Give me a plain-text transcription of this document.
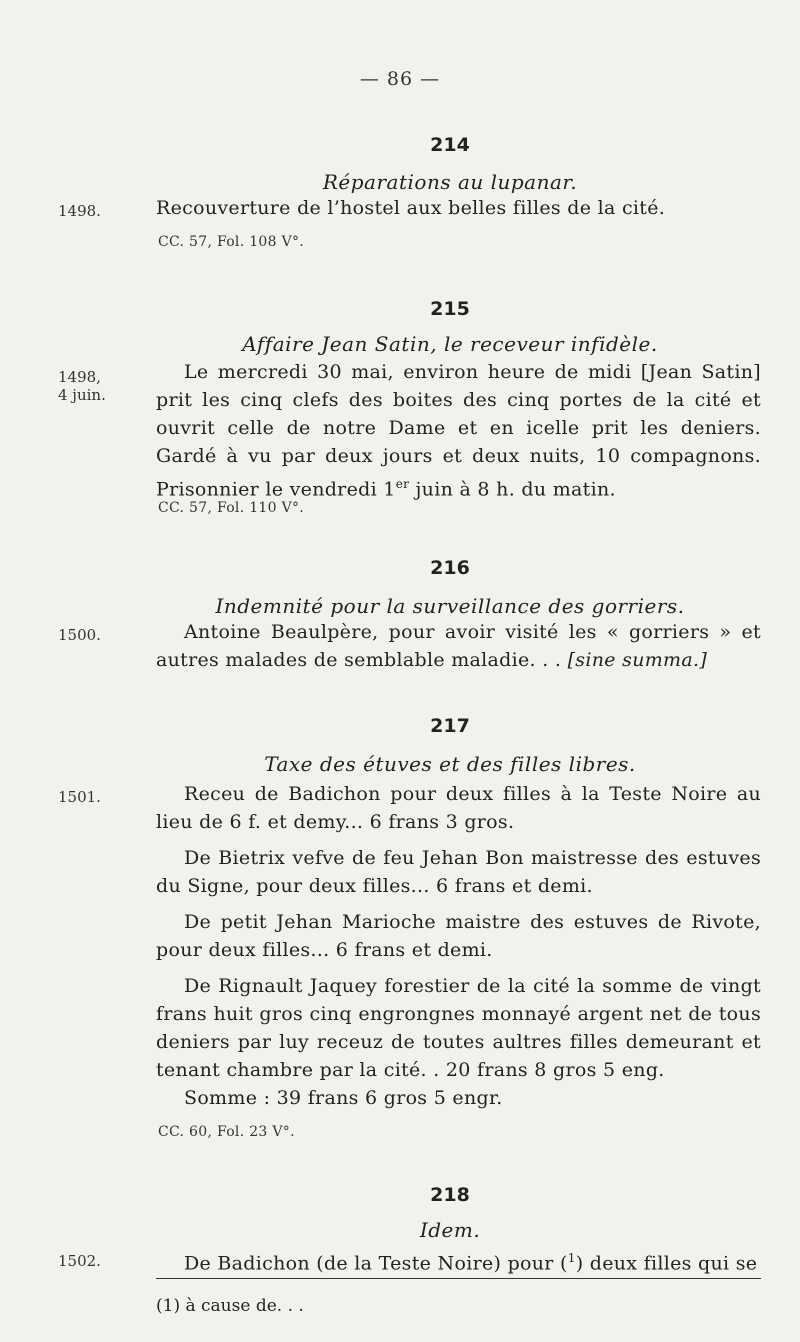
— 86 —
214
Réparations au lupanar.
1498.	Recouverture de l’hostel aux belles filles de la cité.
CC. 57, Fol. 108 V°.
215
Affaire Jean Satin, le receveur infidèle.
1498,
4 juin.
Le mercredi 30 mai, environ heure de midi [Jean Satin] prit les cinq clefs des boites des cinq portes de la cité et ouvrit celle de notre Dame et en icelle prit les deniers. Gardé à vu par deux jours et deux nuits, 10 compagnons. Prisonnier le vendredi 1er juin à 8 h. du matin.
CC. 57, Fol. 110 V°.
216
Indemnité pour la surveillance des gorriers.
1500.	Antoine Beaulpère, pour avoir visité les « gorriers » et autres malades de semblable maladie. . . [sine summa.]
217
Taxe des étuves et des filles libres.
1501.	Receu de Badichon pour deux filles à la Teste Noire au lieu de 6 f. et demy... 6 frans 3 gros.
De Bietrix vefve de feu Jehan Bon maistresse des estuves du Signe, pour deux filles... 6 frans et demi.
De petit Jehan Marioche maistre des estuves de Rivote, pour deux filles... 6 frans et demi.
De Rignault Jaquey forestier de la cité la somme de vingt frans huit gros cinq engrongnes monnayé argent net de tous deniers par luy receuz de toutes aultres filles demeurant et tenant chambre par la cité. . 20 frans 8 gros 5 eng.
Somme : 39 frans 6 gros 5 engr.
CC. 60, Fol. 23 V°.
218
Idem.
1502.	De Badichon (de la Teste Noire) pour ($^1$) deux filles qui se
(1) à cause de. . .
